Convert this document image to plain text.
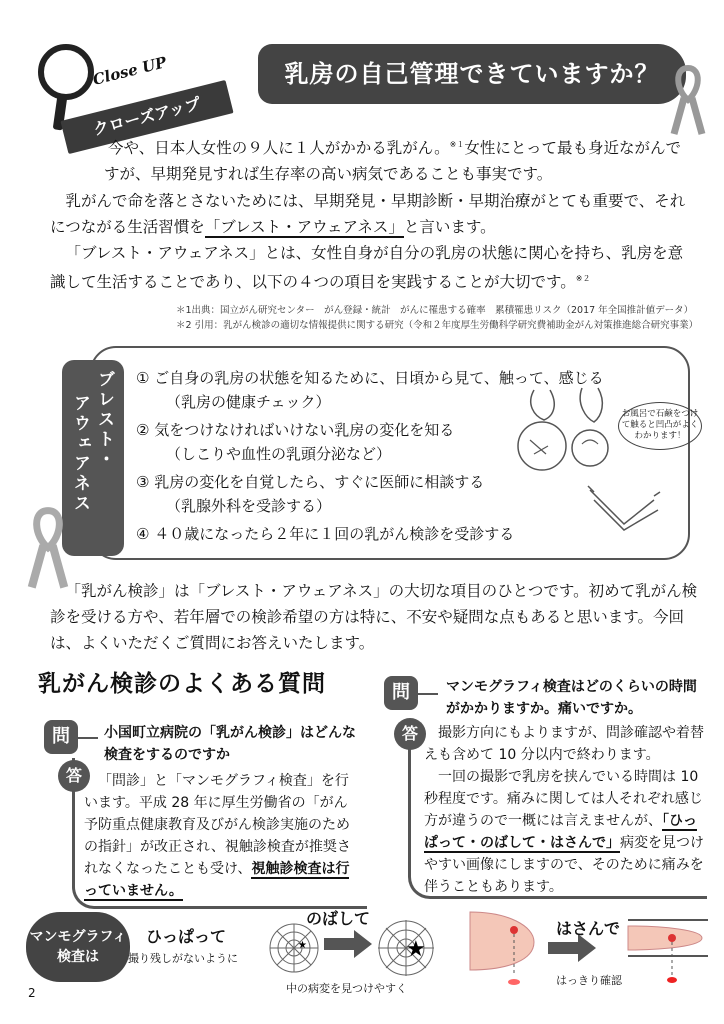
Close UP
クローズアップ
乳房の自己管理できていますか？
今や、日本人女性の９人に１人がかかる乳がん。$^{※1}$女性にとって最も身近ながんですが、早期発見すれば生存率の高い病気であることも事実です。
乳がんで命を落とさないためには、早期発見・早期診断・早期治療がとても重要で、それにつながる生活習慣を「ブレスト・アウェアネス」と言います。
「ブレスト・アウェアネス」とは、女性自身が自分の乳房の状態に関心を持ち、乳房を意識して生活することであり、以下の４つの項目を実践することが大切です。$^{※2}$
＊1出典：国立がん研究センター　がん登録・統計　がんに罹患する確率　累積罹患リスク（2017 年全国推計値データ）
＊2 引用：乳がん検診の適切な情報提供に関する研究（令和２年度厚生労働科学研究費補助金がん対策推進総合研究事業）
ブレスト・
アウェアネス
① ご自身の乳房の状態を知るために、日頃から見て、触って、感じる
（乳房の健康チェック）
② 気をつけなければいけない乳房の変化を知る
（しこりや血性の乳頭分泌など）
③ 乳房の変化を自覚したら、すぐに医師に相談する
（乳腺外科を受診する）
④ ４０歳になったら２年に１回の乳がん検診を受診する
お風呂で石鹸をつけて触ると凹凸がよくわかります！
「乳がん検診」は「ブレスト・アウェアネス」の大切な項目のひとつです。初めて乳がん検診を受ける方や、若年層での検診希望の方は特に、不安や疑問な点もあると思います。今回は、よくいただくご質問にお答えいたします。
乳がん検診のよくある質問
問	小国町立病院の「乳がん検診」はどんな検査をするのですか
答	「問診」と「マンモグラフィ検査」を行います。平成 28 年に厚生労働省の「がん予防重点健康教育及びがん検診実施のための指針」が改正され、視触診検査が推奨されなくなったことも受け、視触診検査は行っていません。
問	マンモグラフィ検査はどのくらいの時間がかかりますか。痛いですか。
答	撮影方向にもよりますが、問診確認や着替えも含めて 10 分以内で終わります。
一回の撮影で乳房を挟んでいる時間は 10 秒程度です。痛みに関しては人それぞれ感じ方が違うので一概には言えませんが、「ひっぱって・のばして・はさんで」病変を見つけやすい画像にしますので、そのために痛みを伴うこともあります。
マンモグラフィ検査は
ひっぱって
撮り残しがないように
★	★
のばして
中の病変を見つけやすく
はさんで
はっきり確認
2
